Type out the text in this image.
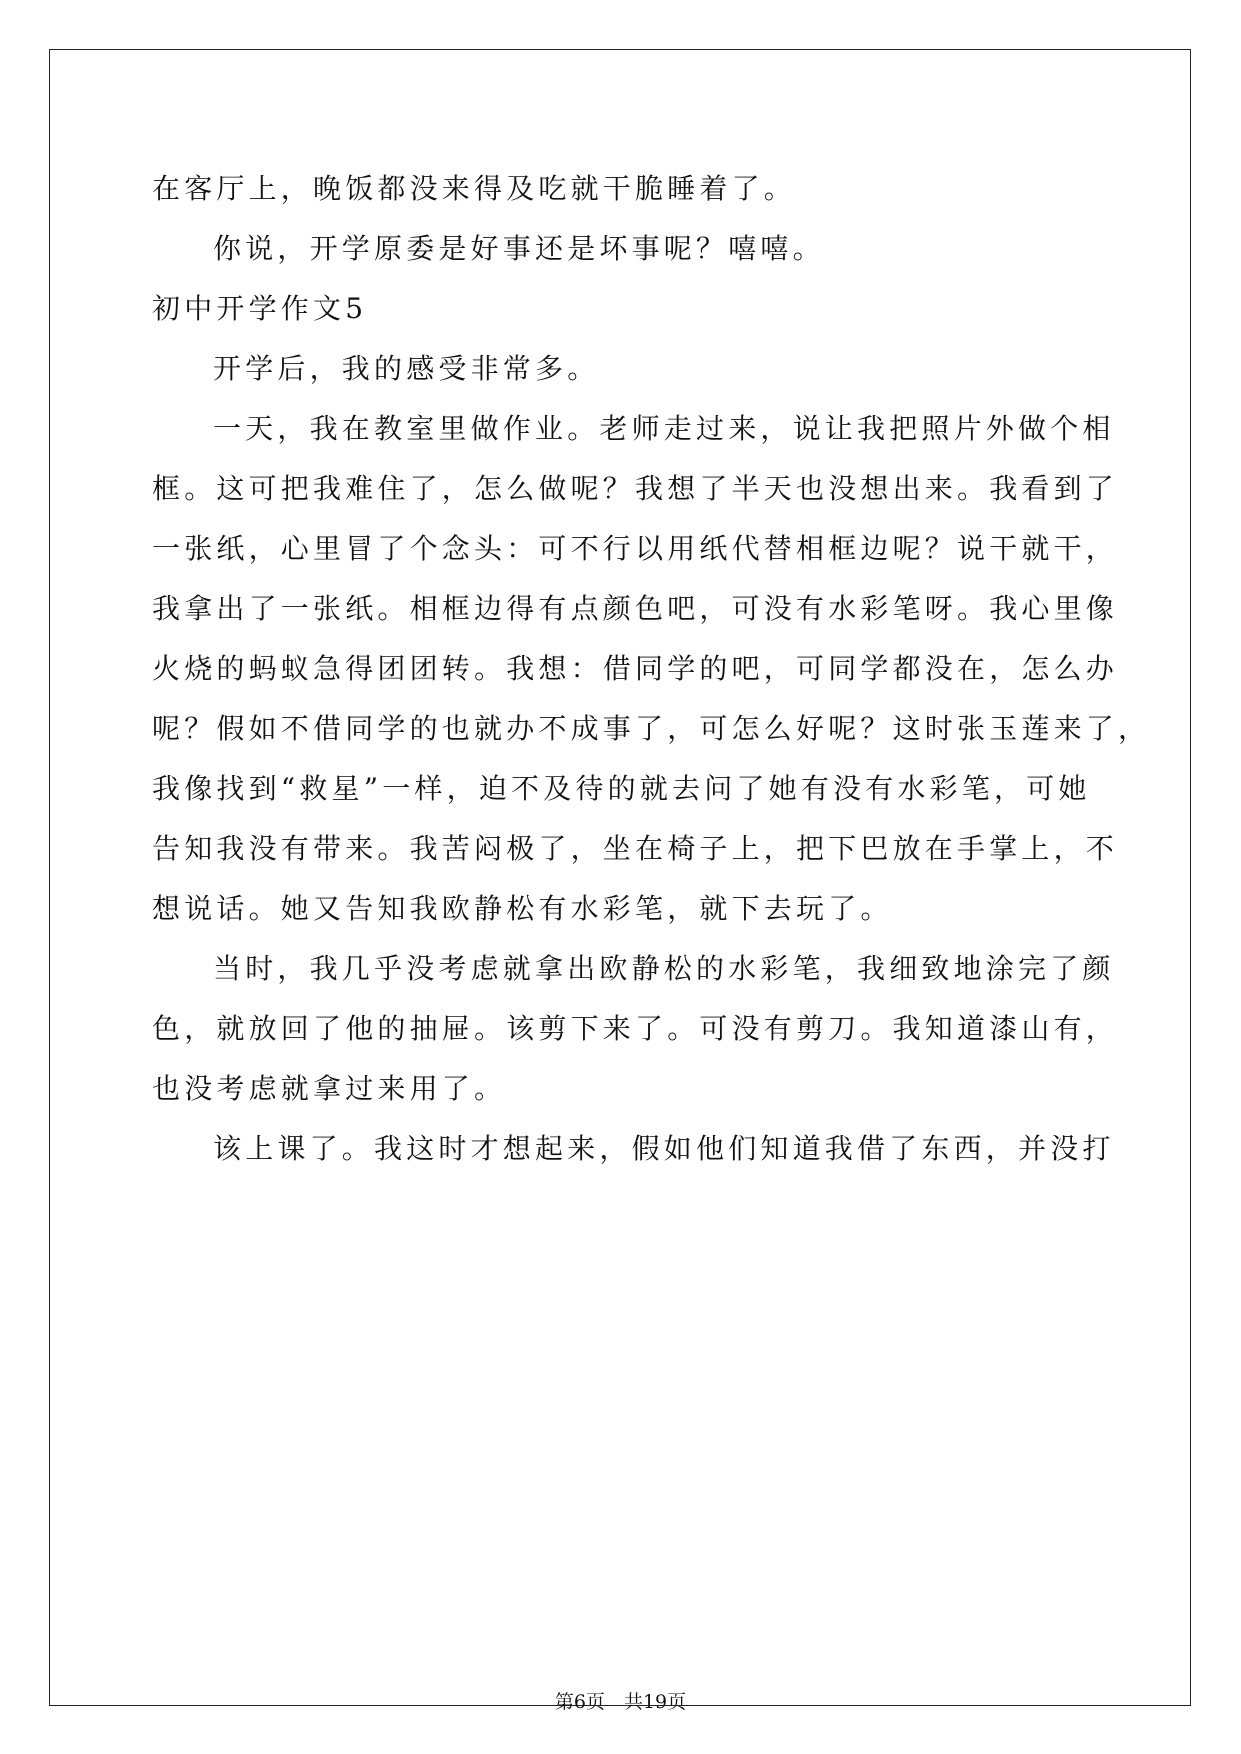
在客厅上，晚饭都没来得及吃就干脆睡着了。
你说，开学原委是好事还是坏事呢？嘻嘻。
初中开学作文5
开学后，我的感受非常多。
一天，我在教室里做作业。老师走过来，说让我把照片外做个相
框。这可把我难住了，怎么做呢？我想了半天也没想出来。我看到了
一张纸，心里冒了个念头：可不行以用纸代替相框边呢？说干就干，
我拿出了一张纸。相框边得有点颜色吧，可没有水彩笔呀。我心里像
火烧的蚂蚁急得团团转。我想：借同学的吧，可同学都没在，怎么办
呢？假如不借同学的也就办不成事了，可怎么好呢？这时张玉莲来了，
我像找到“救星”一样，迫不及待的就去问了她有没有水彩笔，可她
告知我没有带来。我苦闷极了，坐在椅子上，把下巴放在手掌上，不
想说话。她又告知我欧静松有水彩笔，就下去玩了。
当时，我几乎没考虑就拿出欧静松的水彩笔，我细致地涂完了颜
色，就放回了他的抽屉。该剪下来了。可没有剪刀。我知道漆山有，
也没考虑就拿过来用了。
该上课了。我这时才想起来，假如他们知道我借了东西，并没打
第6页　共19页
